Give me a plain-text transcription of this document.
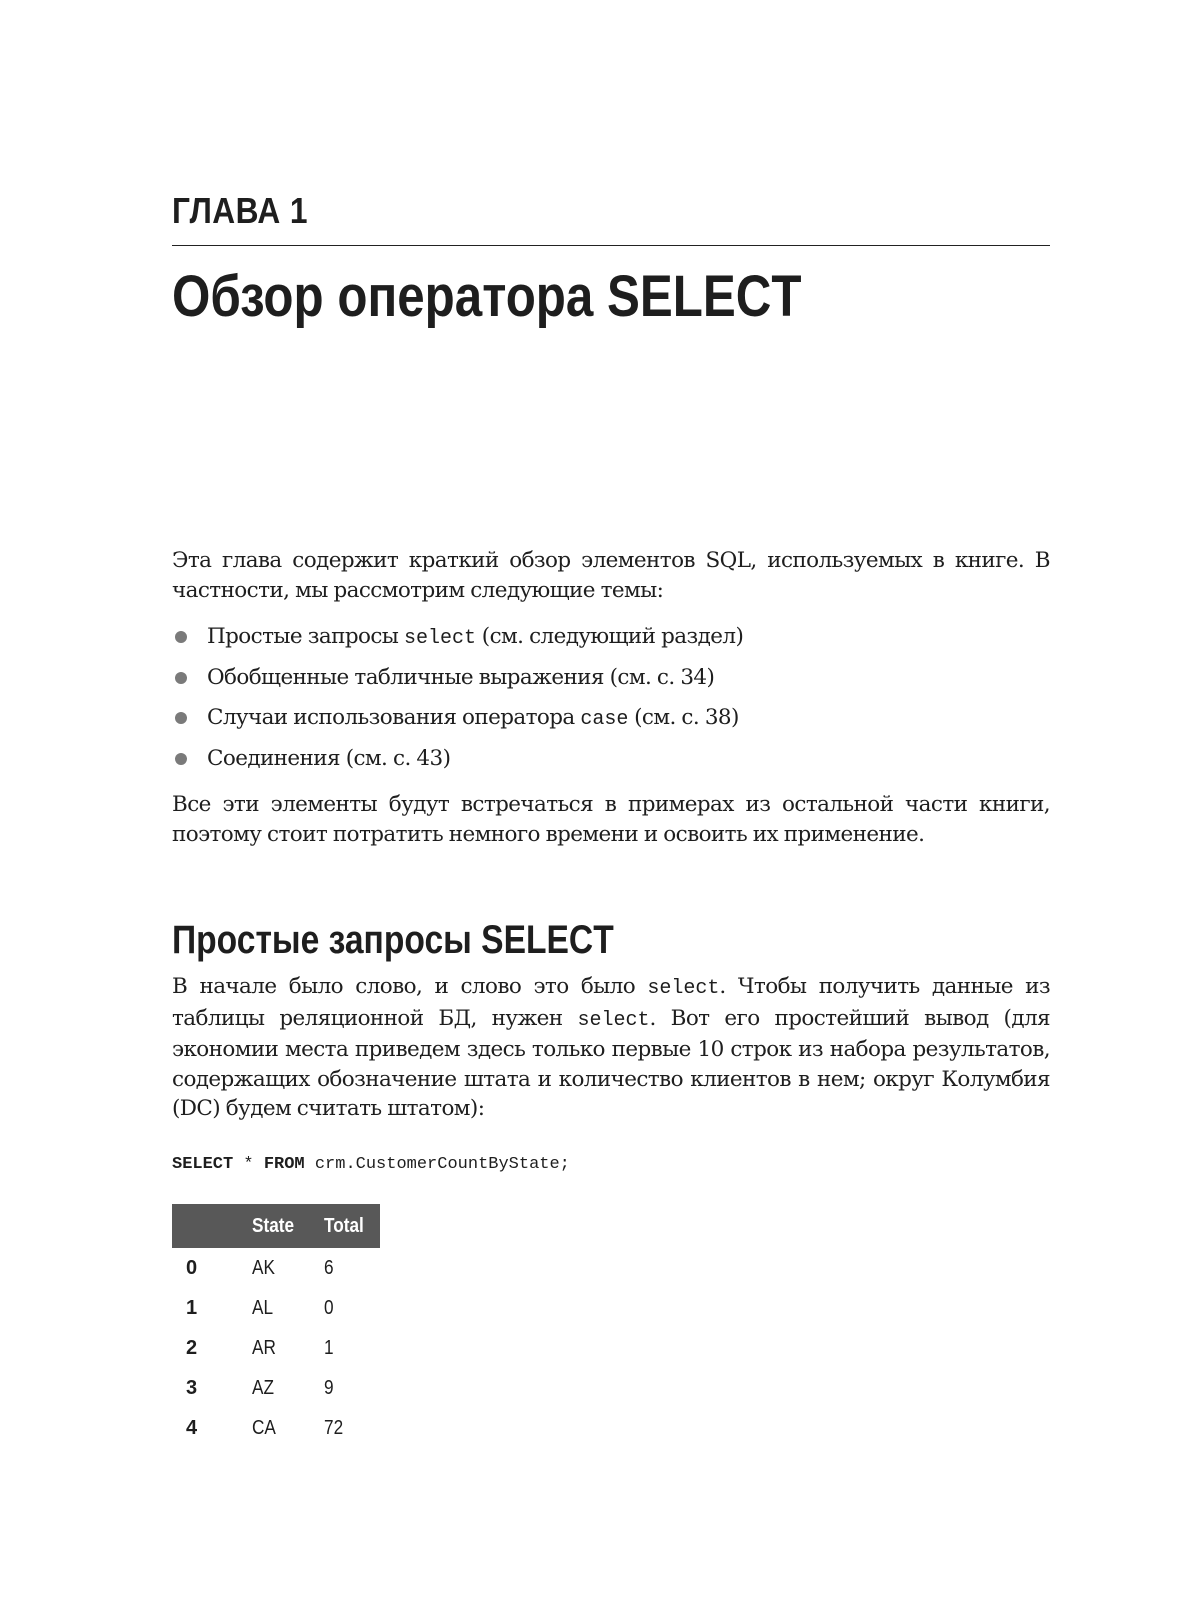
ГЛАВА 1
Обзор оператора SELECT

Эта глава содержит краткий обзор элементов SQL, используемых в книге. В частности, мы рассмотрим следующие темы:

Простые запросы select (см. следующий раздел)
Обобщенные табличные выражения (см. с. 34)
Случаи использования оператора case (см. с. 38)
Соединения (см. с. 43)

Все эти элементы будут встречаться в примерах из остальной части книги, поэтому стоит потратить немного времени и освоить их применение.

Простые запросы SELECT

В начале было слово, и слово это было select. Чтобы получить данные из таблицы реляционной БД, нужен select. Вот его простейший вывод (для экономии места приведем здесь только первые 10 строк из набора результатов, содержащих обозначение штата и количество клиентов в нем; округ Колумбия (DC) будем считать штатом):

SELECT * FROM crm.CustomerCountByState;
	State	Total
0	AK	6
1	AL	0
2	AR	1
3	AZ	9
4	CA	72
